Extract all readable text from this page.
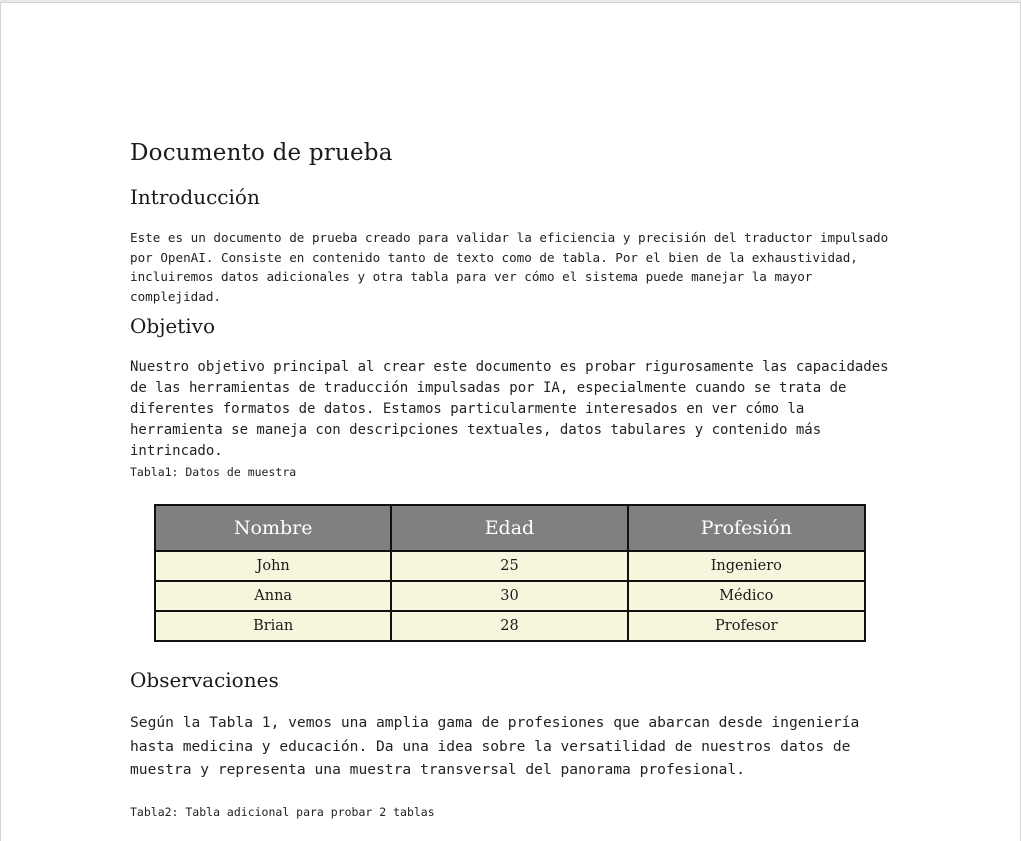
Documento de prueba
Introducción

Este es un documento de prueba creado para validar la eficiencia y precisión del traductor impulsado por OpenAI. Consiste en contenido tanto de texto como de tabla. Por el bien de la exhaustividad, incluiremos datos adicionales y otra tabla para ver cómo el sistema puede manejar la mayor complejidad.

Objetivo

Nuestro objetivo principal al crear este documento es probar rigurosamente las capacidades de las herramientas de traducción impulsadas por IA, especialmente cuando se trata de diferentes formatos de datos. Estamos particularmente interesados en ver cómo la herramienta se maneja con descripciones textuales, datos tabulares y contenido más intrincado.

Tabla1: Datos de muestra

Observaciones

Según la Tabla 1, vemos una amplia gama de profesiones que abarcan desde ingeniería hasta medicina y educación. Da una idea sobre la versatilidad de nuestros datos de muestra y representa una muestra transversal del panorama profesional.

Tabla2: Tabla adicional para probar 2 tablas

Nombre	Edad	Profesión
John	25	Ingeniero
Anna	30	Médico
Brian	28	Profesor
